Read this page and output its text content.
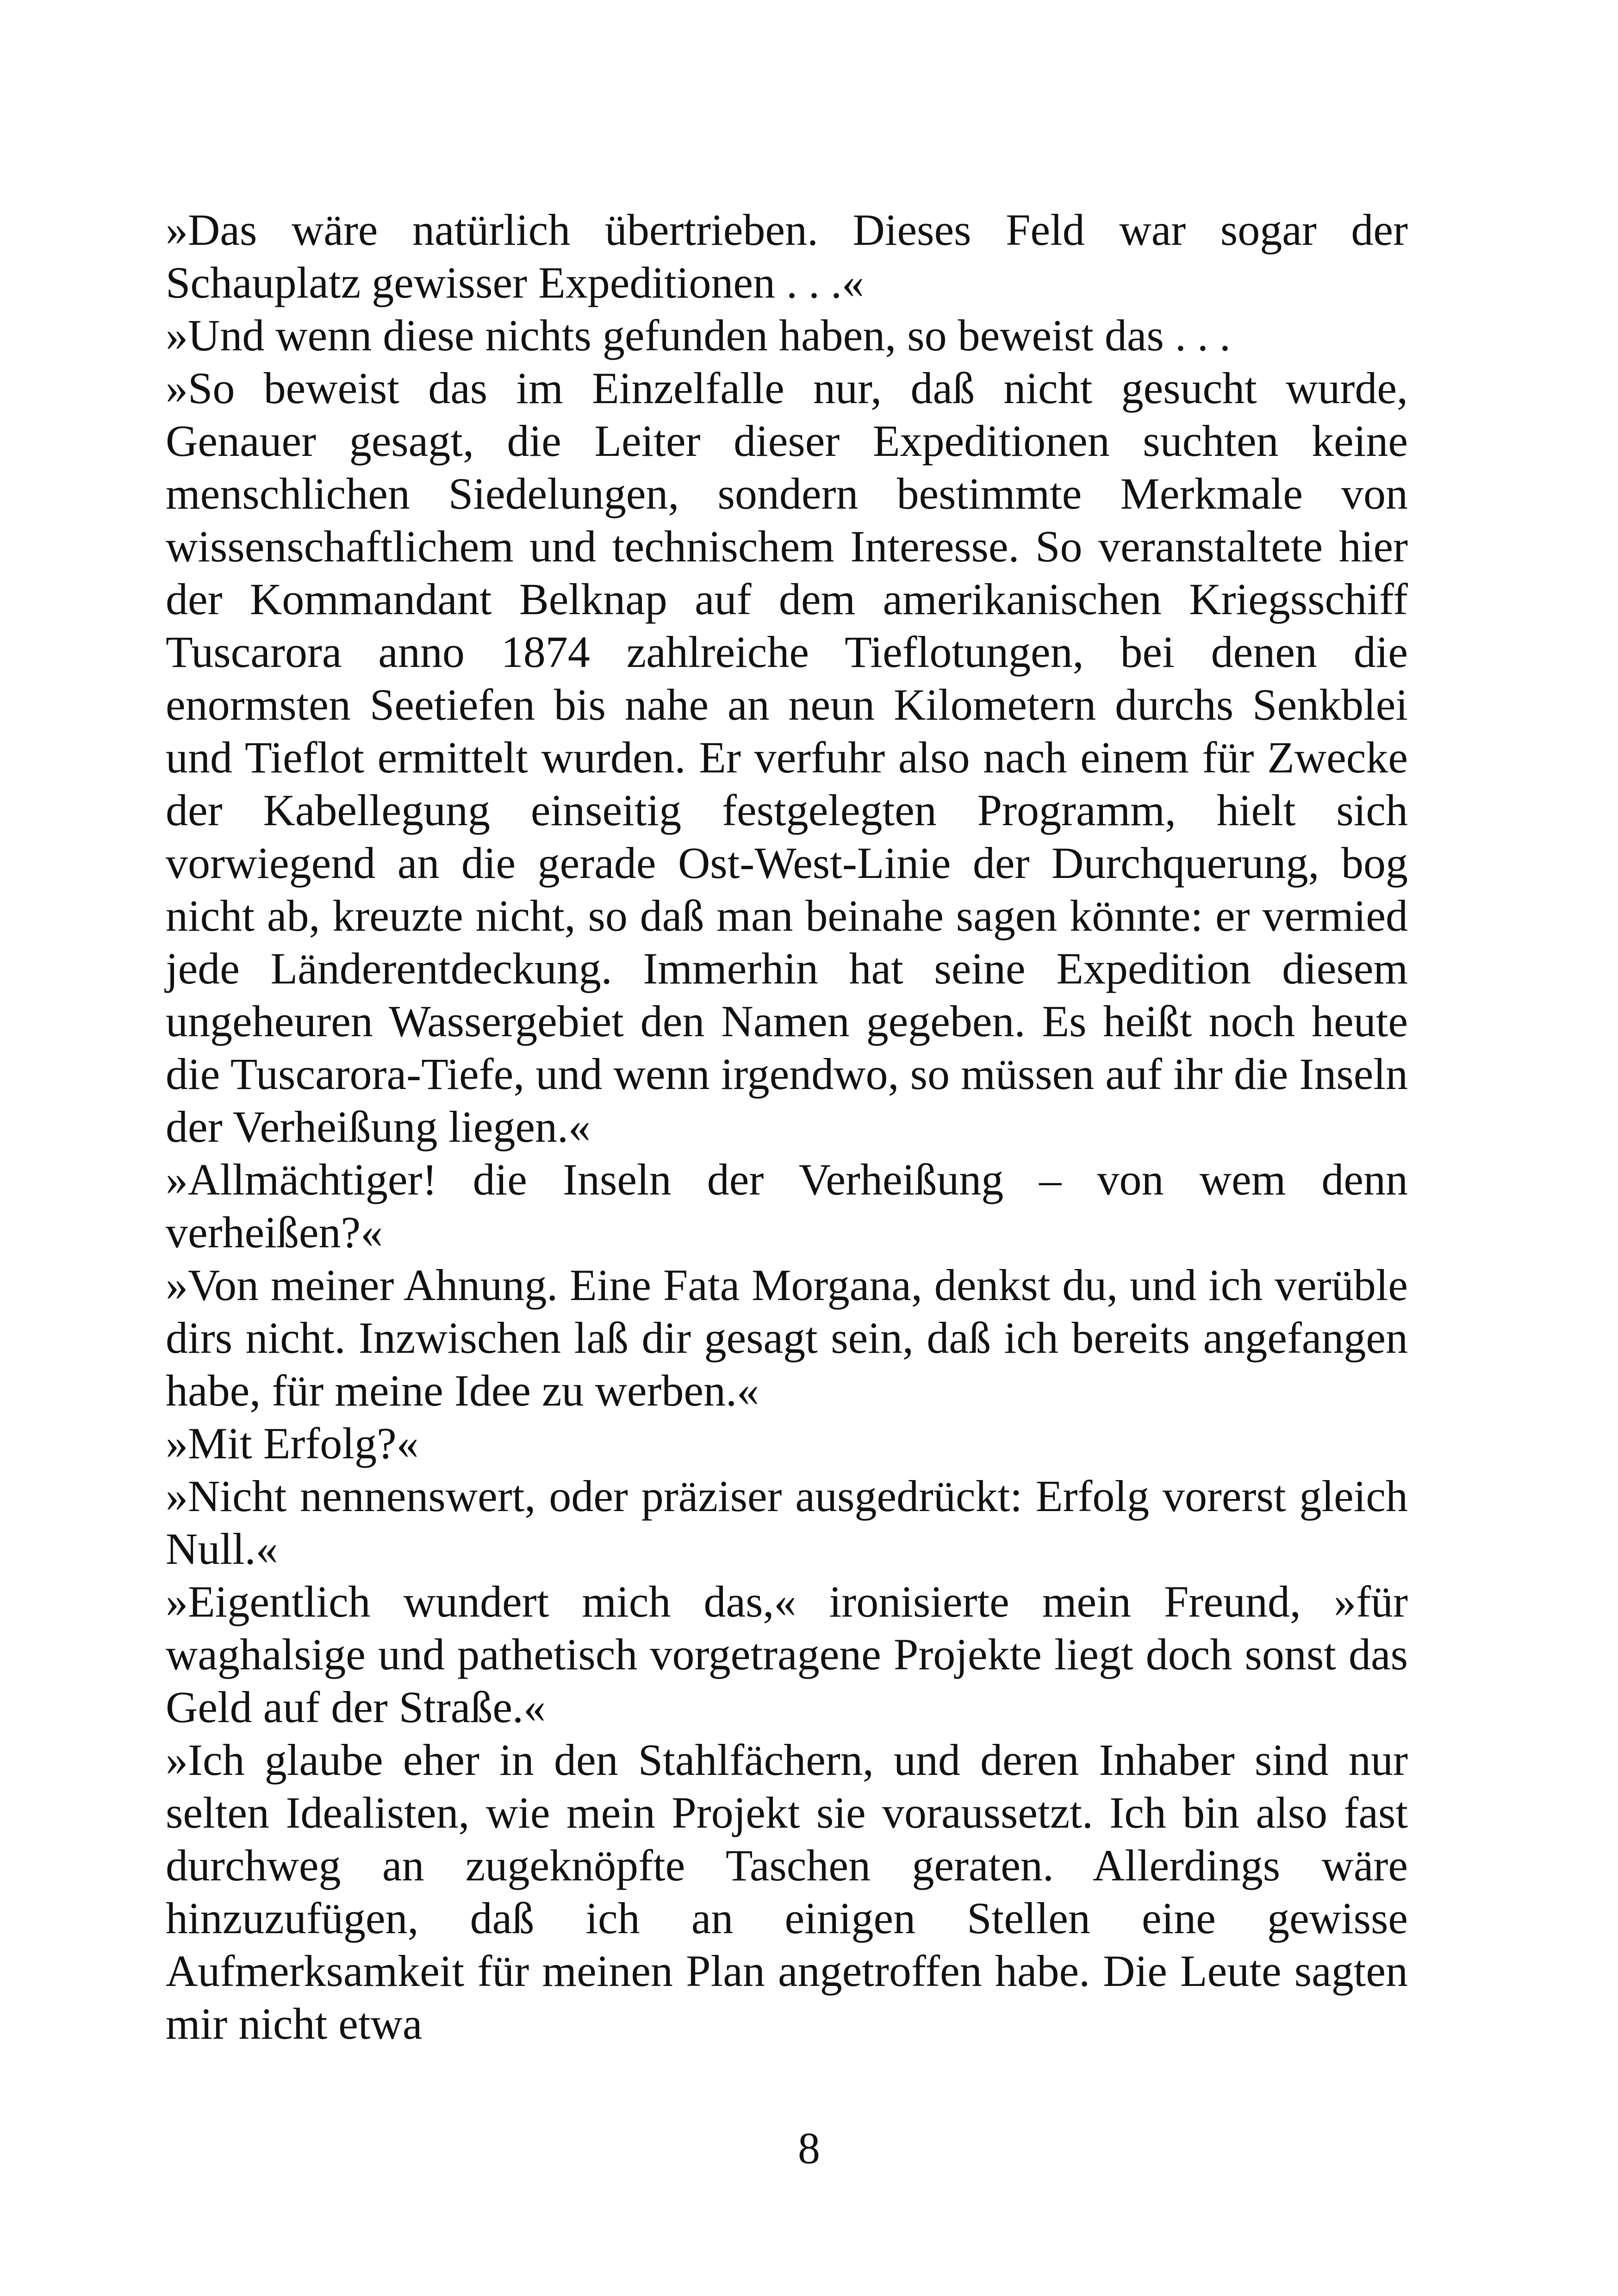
»Das wäre natürlich übertrieben. Dieses Feld war sogar der Schauplatz gewisser Expeditionen . . .«

»Und wenn diese nichts gefunden haben, so beweist das . . .

»So beweist das im Einzelfalle nur, daß nicht gesucht wurde, Genauer gesagt, die Leiter dieser Expeditionen suchten keine menschlichen Siedelungen, sondern bestimmte Merkmale von wissenschaftlichem und technischem Interesse. So veranstaltete hier der Kommandant Belknap auf dem amerikanischen Kriegsschiff Tuscarora anno 1874 zahlreiche Tieflotungen, bei denen die enormsten Seetiefen bis nahe an neun Kilometern durchs Senkblei und Tieflot ermittelt wurden. Er verfuhr also nach einem für Zwecke der Kabellegung einseitig festgelegten Programm, hielt sich vorwiegend an die gerade Ost-West-Linie der Durchquerung, bog nicht ab, kreuzte nicht, so daß man beinahe sagen könnte: er vermied jede Länderentdeckung. Immerhin hat seine Expedition diesem ungeheuren Wassergebiet den Namen gegeben. Es heißt noch heute die Tuscarora-Tiefe, und wenn irgendwo, so müssen auf ihr die Inseln der Verheißung liegen.«

»Allmächtiger! die Inseln der Verheißung – von wem denn verheißen?«

»Von meiner Ahnung. Eine Fata Morgana, denkst du, und ich verüble dirs nicht. Inzwischen laß dir gesagt sein, daß ich bereits angefangen habe, für meine Idee zu werben.«

»Mit Erfolg?«

»Nicht nennenswert, oder präziser ausgedrückt: Erfolg vorerst gleich Null.«

»Eigentlich wundert mich das,« ironisierte mein Freund, »für waghalsige und pathetisch vorgetragene Projekte liegt doch sonst das Geld auf der Straße.«

»Ich glaube eher in den Stahlfächern, und deren Inhaber sind nur selten Idealisten, wie mein Projekt sie voraussetzt. Ich bin also fast durchweg an zugeknöpfte Taschen geraten. Allerdings wäre hinzuzufügen, daß ich an einigen Stellen eine gewisse Aufmerksamkeit für meinen Plan angetroffen habe. Die Leute sagten mir nicht etwa

8
